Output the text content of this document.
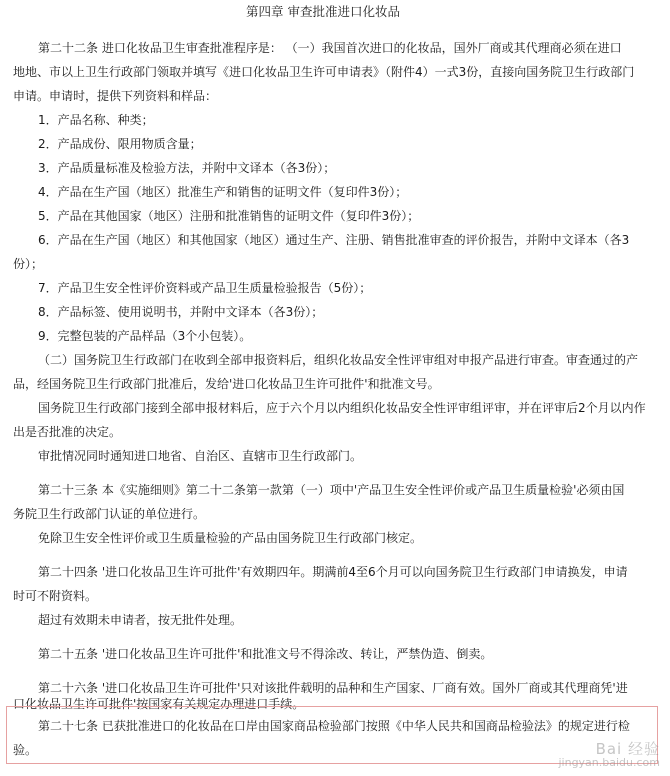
第四章 审查批准进口化妆品
第二十二条 进口化妆品卫生审查批准程序是： （一）我国首次进口的化妆品，国外厂商或其代理商必须在进口
地地、市以上卫生行政部门领取并填写《进口化妆品卫生许可申请表》（附件4）一式3份，直接向国务院卫生行政部门
申请。申请时，提供下列资料和样品：
1．产品名称、种类；
2．产品成份、限用物质含量；
3．产品质量标准及检验方法，并附中文译本（各3份）；
4．产品在生产国（地区）批准生产和销售的证明文件（复印件3份）；
5．产品在其他国家（地区）注册和批准销售的证明文件（复印件3份）；
6．产品在生产国（地区）和其他国家（地区）通过生产、注册、销售批准审查的评价报告，并附中文译本（各3
份）；
7．产品卫生安全性评价资料或产品卫生质量检验报告（5份）；
8．产品标签、使用说明书，并附中文译本（各3份）；
9．完整包装的产品样品（3个小包装）。
（二）国务院卫生行政部门在收到全部申报资料后，组织化妆品安全性评审组对申报产品进行审查。审查通过的产
品，经国务院卫生行政部门批准后，发给'进口化妆品卫生许可批件'和批准文号。
国务院卫生行政部门接到全部申报材料后，应于六个月以内组织化妆品安全性评审组评审，并在评审后2个月以内作
出是否批准的决定。
审批情况同时通知进口地省、自治区、直辖市卫生行政部门。
第二十三条 本《实施细则》第二十二条第一款第（一）项中'产品卫生安全性评价或产品卫生质量检验'必须由国
务院卫生行政部门认证的单位进行。
免除卫生安全性评价或卫生质量检验的产品由国务院卫生行政部门核定。
第二十四条 '进口化妆品卫生许可批件'有效期四年。期满前4至6个月可以向国务院卫生行政部门申请换发，申请
时可不附资料。
超过有效期未申请者，按无批件处理。
第二十五条 '进口化妆品卫生许可批件'和批准文号不得涂改、转让，严禁伪造、倒卖。
第二十六条 '进口化妆品卫生许可批件'只对该批件载明的品种和生产国家、厂商有效。国外厂商或其代理商凭'进
口化妆品卫生许可批件'按国家有关规定办理进口手续。
第二十七条 已获批准进口的化妆品在口岸由国家商品检验部门按照《中华人民共和国商品检验法》的规定进行检
验。	Bai 经验
jingyan.baidu.com
